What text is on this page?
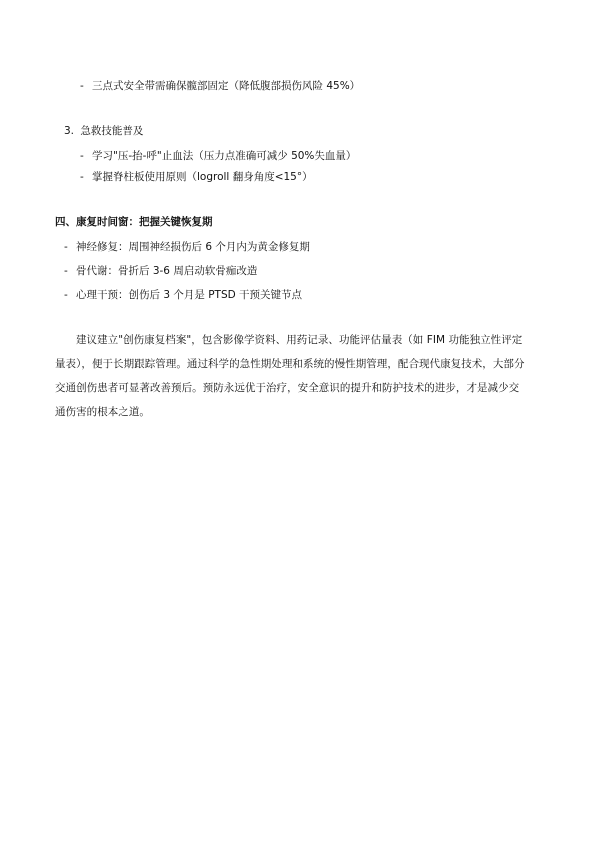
- 三点式安全带需确保髋部固定（降低腹部损伤风险 45%）
3. 急救技能普及
- 学习"压-抬-呼"止血法（压力点准确可减少 50%失血量）
- 掌握脊柱板使用原则（logroll 翻身角度<15°）
四、康复时间窗：把握关键恢复期
- 神经修复：周围神经损伤后 6 个月内为黄金修复期
- 骨代谢：骨折后 3-6 周启动软骨痂改造
- 心理干预：创伤后 3 个月是 PTSD 干预关键节点
建议建立"创伤康复档案"，包含影像学资料、用药记录、功能评估量表（如 FIM 功能独立性评定
量表），便于长期跟踪管理。通过科学的急性期处理和系统的慢性期管理，配合现代康复技术，大部分
交通创伤患者可显著改善预后。预防永远优于治疗，安全意识的提升和防护技术的进步，才是减少交
通伤害的根本之道。
